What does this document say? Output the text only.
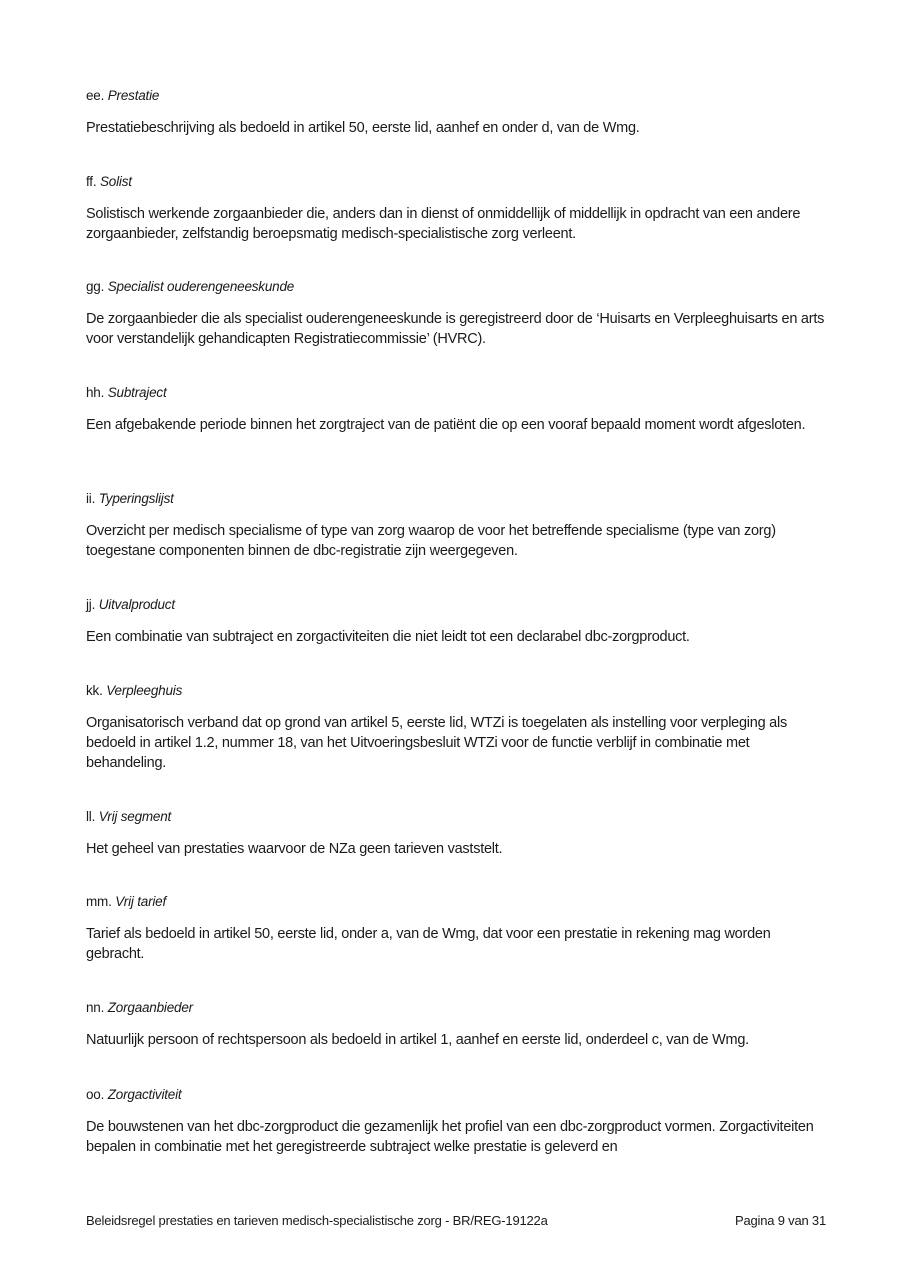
ee. Prestatie
Prestatiebeschrijving als bedoeld in artikel 50, eerste lid, aanhef en onder d, van de Wmg.
ff. Solist
Solistisch werkende zorgaanbieder die, anders dan in dienst of onmiddellijk of middellijk in opdracht van een andere zorgaanbieder, zelfstandig beroepsmatig medisch-specialistische zorg verleent.
gg. Specialist ouderengeneeskunde
De zorgaanbieder die als specialist ouderengeneeskunde is geregistreerd door de ‘Huisarts en Verpleeghuisarts en arts voor verstandelijk gehandicapten Registratiecommissie’ (HVRC).
hh. Subtraject
Een afgebakende periode binnen het zorgtraject van de patiënt die op een vooraf bepaald moment wordt afgesloten.
ii. Typeringslijst
Overzicht per medisch specialisme of type van zorg waarop de voor het betreffende specialisme (type van zorg) toegestane componenten binnen de dbc-registratie zijn weergegeven.
jj. Uitvalproduct
Een combinatie van subtraject en zorgactiviteiten die niet leidt tot een declarabel dbc-zorgproduct.
kk. Verpleeghuis
Organisatorisch verband dat op grond van artikel 5, eerste lid, WTZi is toegelaten als instelling voor verpleging als bedoeld in artikel 1.2, nummer 18, van het Uitvoeringsbesluit WTZi voor de functie verblijf in combinatie met behandeling.
ll. Vrij segment
Het geheel van prestaties waarvoor de NZa geen tarieven vaststelt.
mm. Vrij tarief
Tarief als bedoeld in artikel 50, eerste lid, onder a, van de Wmg, dat voor een prestatie in rekening mag worden gebracht.
nn. Zorgaanbieder
Natuurlijk persoon of rechtspersoon als bedoeld in artikel 1, aanhef en eerste lid, onderdeel c, van de Wmg.
oo. Zorgactiviteit
De bouwstenen van het dbc-zorgproduct die gezamenlijk het profiel van een dbc-zorgproduct vormen. Zorgactiviteiten bepalen in combinatie met het geregistreerde subtraject welke prestatie is geleverd en
Beleidsregel prestaties en tarieven medisch-specialistische zorg - BR/REG-19122a	Pagina 9 van 31
